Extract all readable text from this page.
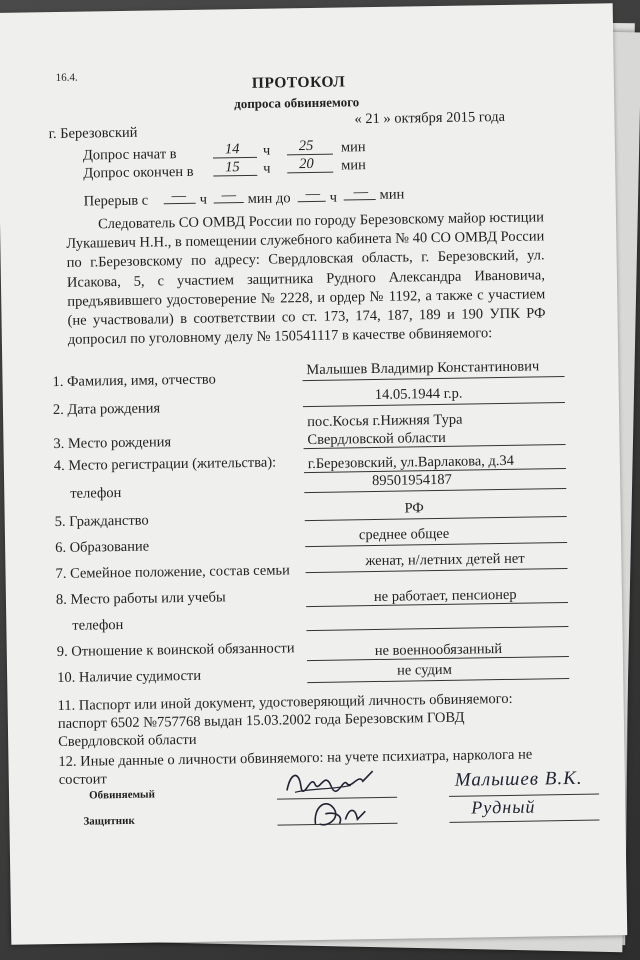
16.4.	ПРОТОКОЛ
допроса обвиняемого
г. Березовский
« 21 » октября 2015 года
Допрос начат в	14 ч 25 мин
Допрос окончен в 15 ч 20 мин
Перерыв с — ч — мин до — ч — мин
Следователь СО ОМВД России по городу Березовскому майор юстиции Лукашевич Н.Н., в помещении служебного кабинета № 40 СО ОМВД России по г.Березовскому по адресу: Свердловская область, г. Березовский, ул. Исакова, 5, с участием защитника Рудного Александра Ивановича, предъявившего удостоверение № 2228, и ордер № 1192, а также с участием (не участвовали) в соответствии со ст. 173, 174, 187, 189 и 190 УПК РФ допросил по уголовному делу № 150541117 в качестве обвиняемого:
1. Фамилия, имя, отчество
Малышев Владимир Константинович
2. Дата рождения
14.05.1944 г.р.
3. Место рождения
пос.Косья г.Нижняя Тура
Свердловской области
4. Место регистрации (жительства): г.Березовский, ул.Варлакова, д.34
телефон
89501954187
5. Гражданство
РФ
6. Образование
среднее общее
7. Семейное положение, состав семьи
женат, н/летних детей нет
8. Место работы или учебы	не работает, пенсионер
телефон
9. Отношение к воинской обязанности	не военнообязанный
10. Наличие судимости	не судим
11. Паспорт или иной документ, удостоверяющий личность обвиняемого:
паспорт 6502 №757768 выдан 15.03.2002 года Березовским ГОВД
Свердловской области
12. Иные данные о личности обвиняемого: на учете психиатра, нарколога не
состоит
Обвиняемый
Малышев В.К.
Защитник
Рудный
